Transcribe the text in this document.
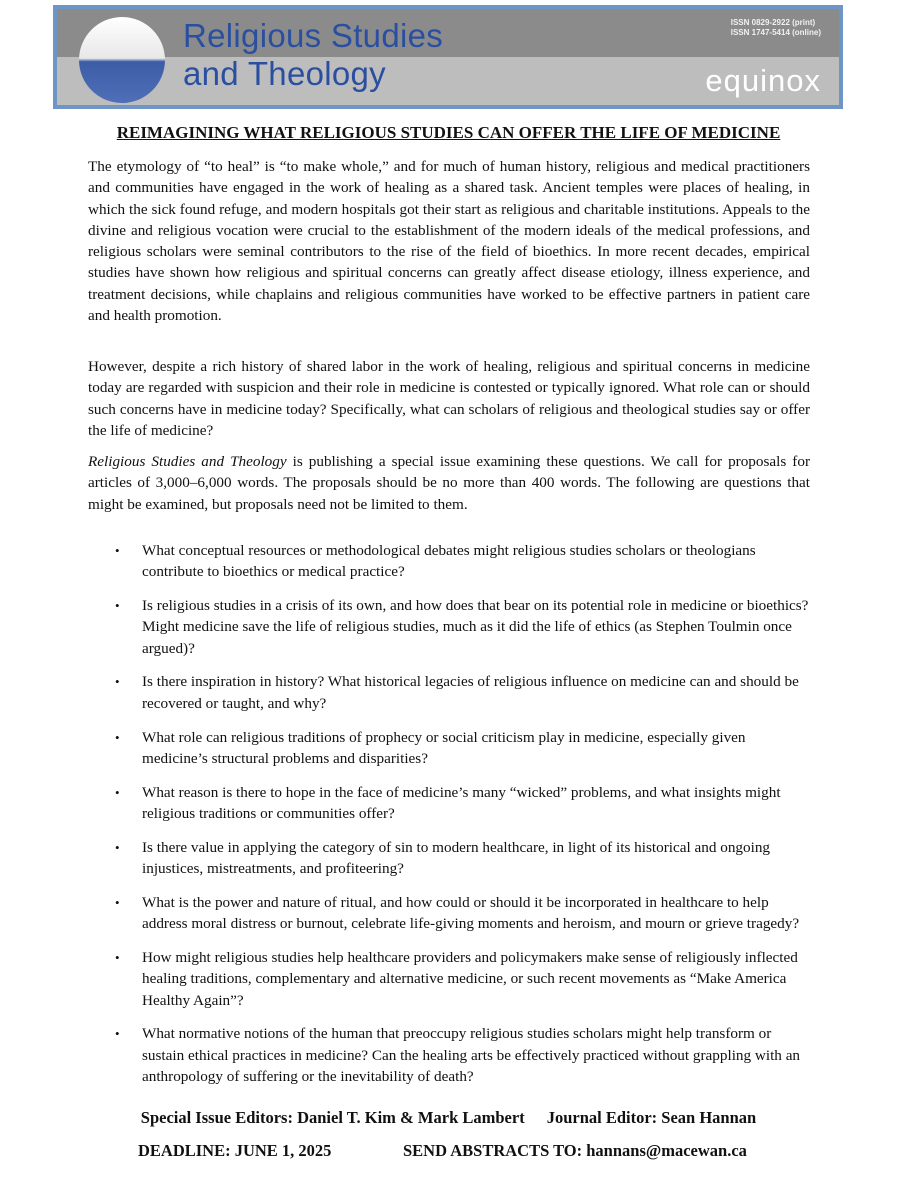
Religious Studies
and Theology
ISSN 0829-2922 (print)
ISSN 1747-5414 (online)
equinox
REIMAGINING WHAT RELIGIOUS STUDIES CAN OFFER THE LIFE OF MEDICINE

The etymology of “to heal” is “to make whole,” and for much of human history, religious and medical practitioners and communities have engaged in the work of healing as a shared task. Ancient temples were places of healing, in which the sick found refuge, and modern hospitals got their start as religious and charitable institutions. Appeals to the divine and religious vocation were crucial to the establishment of the modern ideals of the medical professions, and religious scholars were seminal contributors to the rise of the field of bioethics. In more recent decades, empirical studies have shown how religious and spiritual concerns can greatly affect disease etiology, illness experience, and treatment decisions, while chaplains and religious communities have worked to be effective partners in patient care and health promotion.

However, despite a rich history of shared labor in the work of healing, religious and spiritual concerns in medicine today are regarded with suspicion and their role in medicine is contested or typically ignored. What role can or should such concerns have in medicine today? Specifically, what can scholars of religious and theological studies say or offer the life of medicine?

Religious Studies and Theology is publishing a special issue examining these questions. We call for proposals for articles of 3,000–6,000 words. The proposals should be no more than 400 words. The following are questions that might be examined, but proposals need not be limited to them.

• What conceptual resources or methodological debates might religious studies scholars or theologians contribute to bioethics or medical practice?
• Is religious studies in a crisis of its own, and how does that bear on its potential role in medicine or bioethics? Might medicine save the life of religious studies, much as it did the life of ethics (as Stephen Toulmin once argued)?
• Is there inspiration in history? What historical legacies of religious influence on medicine can and should be recovered or taught, and why?
• What role can religious traditions of prophecy or social criticism play in medicine, especially given medicine’s structural problems and disparities?
• What reason is there to hope in the face of medicine’s many “wicked” problems, and what insights might religious traditions or communities offer?
• Is there value in applying the category of sin to modern healthcare, in light of its historical and ongoing injustices, mistreatments, and profiteering?
• What is the power and nature of ritual, and how could or should it be incorporated in healthcare to help address moral distress or burnout, celebrate life-giving moments and heroism, and mourn or grieve tragedy?
• How might religious studies help healthcare providers and policymakers make sense of religiously inflected healing traditions, complementary and alternative medicine, or such recent movements as “Make America Healthy Again”?
• What normative notions of the human that preoccupy religious studies scholars might help transform or sustain ethical practices in medicine? Can the healing arts be effectively practiced without grappling with an anthropology of suffering or the inevitability of death?
Special Issue Editors: Daniel T. Kim & Mark Lambert Journal Editor: Sean Hannan
DEADLINE: JUNE 1, 2025	SEND ABSTRACTS TO: hannans@macewan.ca
